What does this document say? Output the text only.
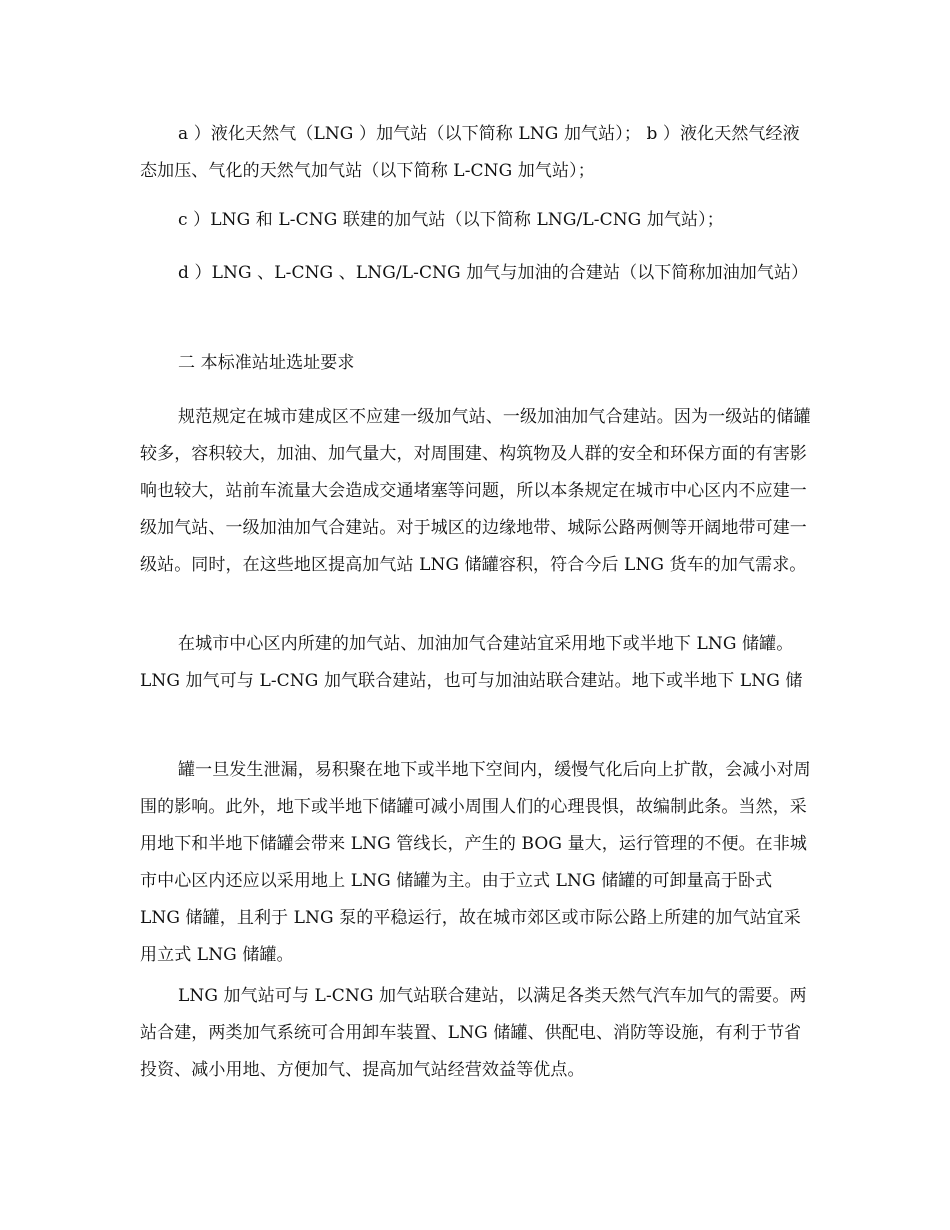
a ）液化天然气（LNG ）加气站（以下简称 LNG 加气站）； b ）液化天然气经液态加压、气化的天然气加气站（以下简称 L-CNG 加气站）；

c ）LNG 和 L-CNG 联建的加气站（以下简称 LNG/L-CNG 加气站）；

d ）LNG 、L-CNG 、LNG/L-CNG 加气与加油的合建站（以下简称加油加气站）

二 本标准站址选址要求

规范规定在城市建成区不应建一级加气站、一级加油加气合建站。因为一级站的储罐较多，容积较大，加油、加气量大，对周围建、构筑物及人群的安全和环保方面的有害影响也较大，站前车流量大会造成交通堵塞等问题，所以本条规定在城市中心区内不应建一级加气站、一级加油加气合建站。对于城区的边缘地带、城际公路两侧等开阔地带可建一级站。同时，在这些地区提高加气站 LNG 储罐容积，符合今后 LNG 货车的加气需求。

在城市中心区内所建的加气站、加油加气合建站宜采用地下或半地下 LNG 储罐。 LNG 加气可与 L-CNG 加气联合建站，也可与加油站联合建站。地下或半地下 LNG 储

罐一旦发生泄漏，易积聚在地下或半地下空间内，缓慢气化后向上扩散，会减小对周围的影响。此外，地下或半地下储罐可减小周围人们的心理畏惧，故编制此条。当然，采用地下和半地下储罐会带来 LNG 管线长，产生的 BOG 量大，运行管理的不便。在非城市中心区内还应以采用地上 LNG 储罐为主。由于立式 LNG 储罐的可卸量高于卧式 LNG 储罐，且利于 LNG 泵的平稳运行，故在城市郊区或市际公路上所建的加气站宜采用立式 LNG 储罐。

LNG 加气站可与 L-CNG 加气站联合建站，以满足各类天然气汽车加气的需要。两站合建，两类加气系统可合用卸车装置、LNG 储罐、供配电、消防等设施，有利于节省投资、减小用地、方便加气、提高加气站经营效益等优点。
